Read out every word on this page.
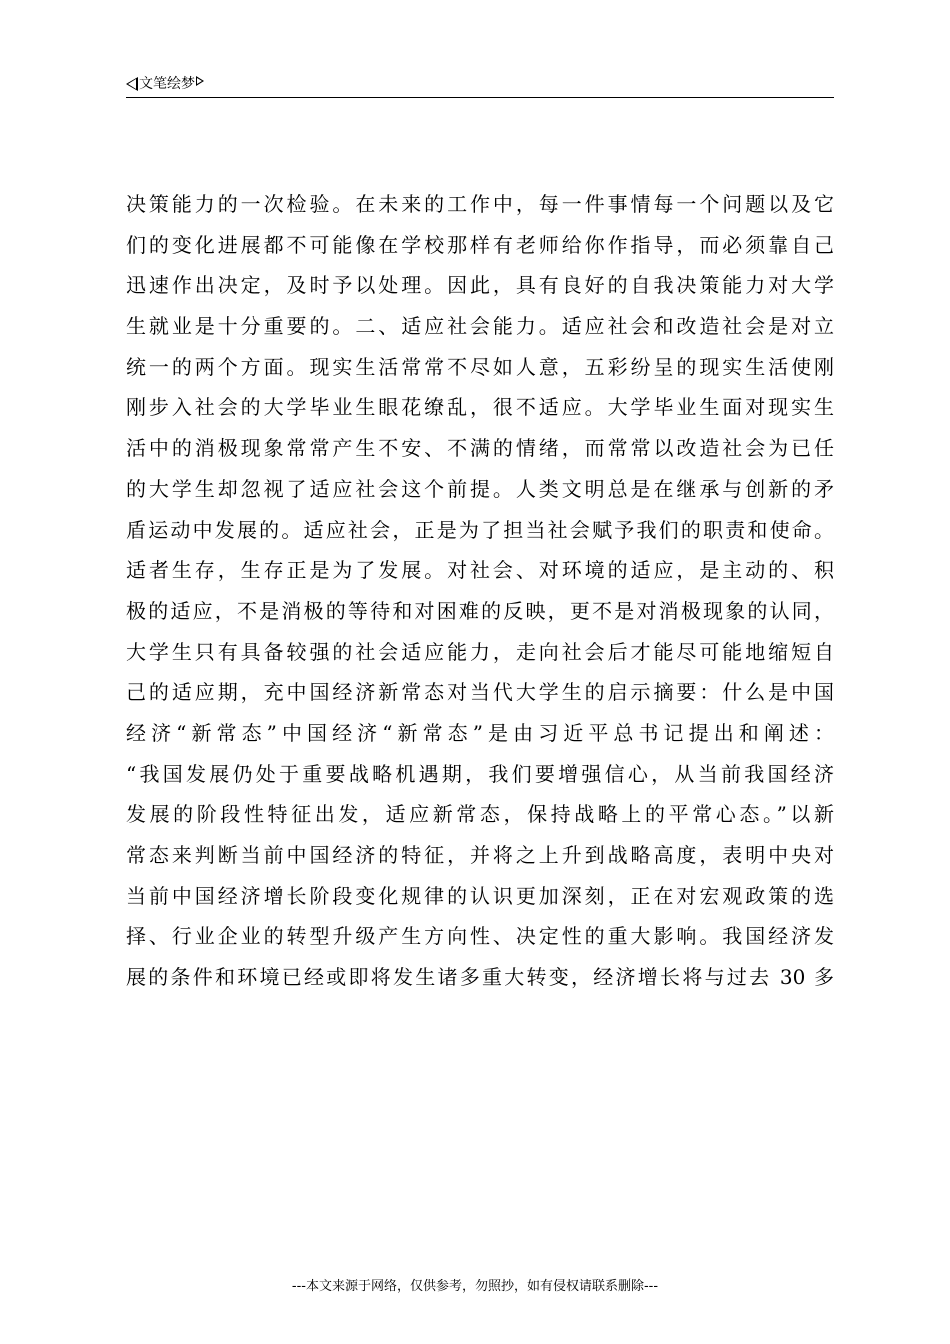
文笔绘梦
决策能力的一次检验。在未来的工作中，每一件事情每一个问题以及它
们的变化进展都不可能像在学校那样有老师给你作指导，而必须靠自己
迅速作出决定，及时予以处理。因此，具有良好的自我决策能力对大学
生就业是十分重要的。二、适应社会能力。适应社会和改造社会是对立
统一的两个方面。现实生活常常不尽如人意，五彩纷呈的现实生活使刚
刚步入社会的大学毕业生眼花缭乱，很不适应。大学毕业生面对现实生
活中的消极现象常常产生不安、不满的情绪，而常常以改造社会为已任
的大学生却忽视了适应社会这个前提。人类文明总是在继承与创新的矛
盾运动中发展的。适应社会，正是为了担当社会赋予我们的职责和使命。
适者生存，生存正是为了发展。对社会、对环境的适应，是主动的、积
极的适应，不是消极的等待和对困难的反映，更不是对消极现象的认同，
大学生只有具备较强的社会适应能力，走向社会后才能尽可能地缩短自
己的适应期，充中国经济新常态对当代大学生的启示摘要：什么是中国
经济“新常态”中国经济“新常态”是由习近平总书记提出和阐述：
“我国发展仍处于重要战略机遇期，我们要增强信心，从当前我国经济
发展的阶段性特征出发，适应新常态，保持战略上的平常心态。”以新
常态来判断当前中国经济的特征，并将之上升到战略高度，表明中央对
当前中国经济增长阶段变化规律的认识更加深刻，正在对宏观政策的选
择、行业企业的转型升级产生方向性、决定性的重大影响。我国经济发
展的条件和环境已经或即将发生诸多重大转变，经济增长将与过去 30 多
---本文来源于网络，仅供参考，勿照抄，如有侵权请联系删除---
